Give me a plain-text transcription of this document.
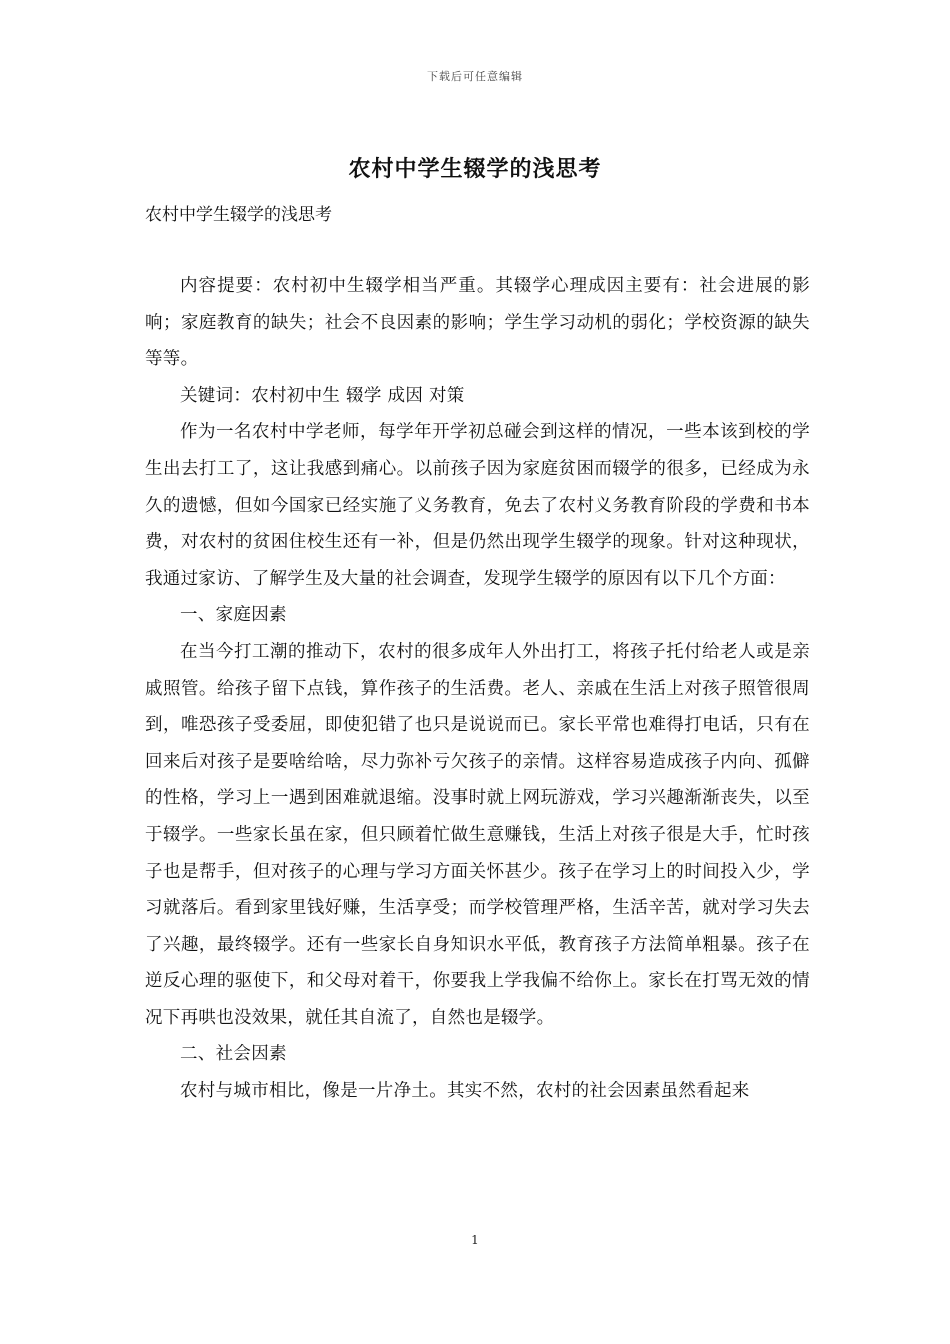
下载后可任意编辑
农村中学生辍学的浅思考

农村中学生辍学的浅思考

内容提要：农村初中生辍学相当严重。其辍学心理成因主要有：社会进展的影响；家庭教育的缺失；社会不良因素的影响；学生学习动机的弱化；学校资源的缺失等等。

关键词：农村初中生 辍学 成因 对策

作为一名农村中学老师，每学年开学初总碰会到这样的情况，一些本该到校的学生出去打工了，这让我感到痛心。以前孩子因为家庭贫困而辍学的很多，已经成为永久的遗憾，但如今国家已经实施了义务教育，免去了农村义务教育阶段的学费和书本费，对农村的贫困住校生还有一补，但是仍然出现学生辍学的现象。针对这种现状，我通过家访、了解学生及大量的社会调查，发现学生辍学的原因有以下几个方面：

一、家庭因素

在当今打工潮的推动下，农村的很多成年人外出打工，将孩子托付给老人或是亲戚照管。给孩子留下点钱，算作孩子的生活费。老人、亲戚在生活上对孩子照管很周到，唯恐孩子受委屈，即使犯错了也只是说说而已。家长平常也难得打电话，只有在回来后对孩子是要啥给啥，尽力弥补亏欠孩子的亲情。这样容易造成孩子内向、孤僻的性格，学习上一遇到困难就退缩。没事时就上网玩游戏，学习兴趣渐渐丧失，以至于辍学。一些家长虽在家，但只顾着忙做生意赚钱，生活上对孩子很是大手，忙时孩子也是帮手，但对孩子的心理与学习方面关怀甚少。孩子在学习上的时间投入少，学习就落后。看到家里钱好赚，生活享受；而学校管理严格，生活辛苦，就对学习失去了兴趣，最终辍学。还有一些家长自身知识水平低，教育孩子方法简单粗暴。孩子在逆反心理的驱使下，和父母对着干，你要我上学我偏不给你上。家长在打骂无效的情况下再哄也没效果，就任其自流了，自然也是辍学。

二、社会因素

农村与城市相比，像是一片净土。其实不然，农村的社会因素虽然看起来

1
